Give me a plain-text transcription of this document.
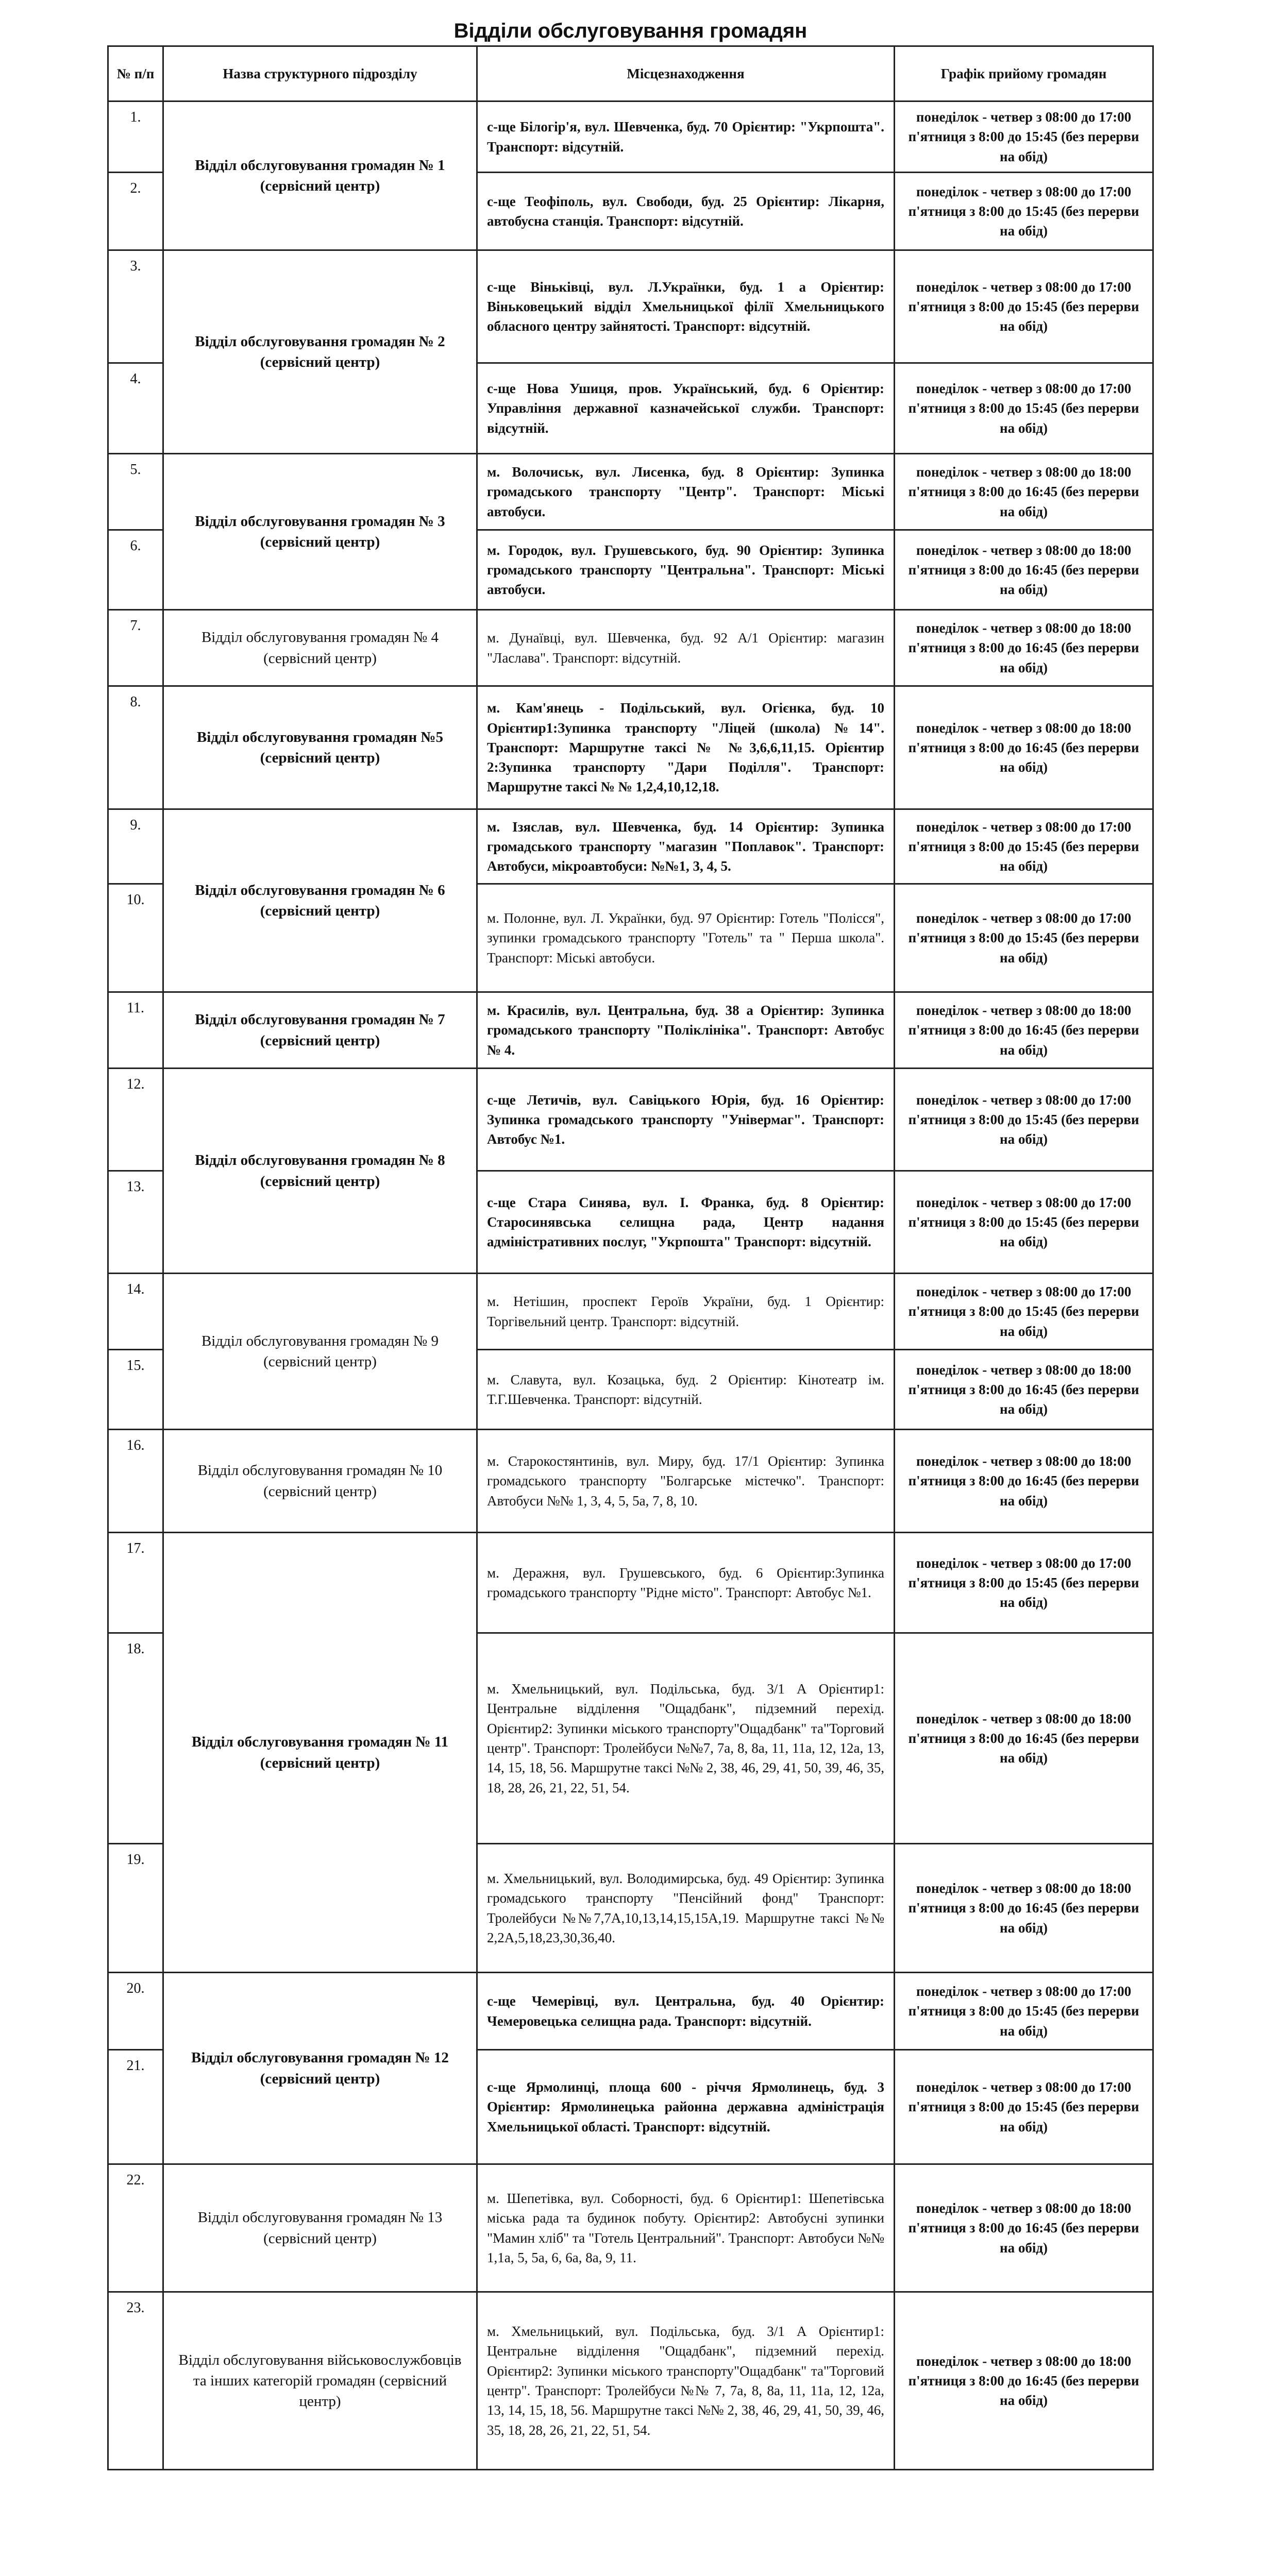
Відділи обслуговування громадян
№ п/п	Назва структурного підрозділу	Місцезнаходження	Графік прийому громадян
1.	Відділ обслуговування громадян № 1 (сервісний центр)	с-ще Білогір'я, вул. Шевченка, буд. 70 Орієнтир: "Укрпошта". Транспорт: відсутній.	понеділок - четвер з 08:00 до 17:00 п'ятниця з 8:00 до 15:45 (без перерви на обід)
2.		с-ще Теофіполь, вул. Свободи, буд. 25 Орієнтир: Лікарня, автобусна станція. Транспорт: відсутній.	понеділок - четвер з 08:00 до 17:00 п'ятниця з 8:00 до 15:45 (без перерви на обід)
3.	Відділ обслуговування громадян № 2 (сервісний центр)	с-ще Віньківці, вул. Л.Українки, буд. 1 а Орієнтир: Віньковецький відділ Хмельницької філії Хмельницького обласного центру зайнятості. Транспорт: відсутній.	понеділок - четвер з 08:00 до 17:00 п'ятниця з 8:00 до 15:45 (без перерви на обід)
4.		с-ще Нова Ушиця, пров. Український, буд. 6 Орієнтир: Управління державної казначейської служби. Транспорт: відсутній.	понеділок - четвер з 08:00 до 17:00 п'ятниця з 8:00 до 15:45 (без перерви на обід)
5.	Відділ обслуговування громадян № 3 (сервісний центр)	м. Волочиськ, вул. Лисенка, буд. 8 Орієнтир: Зупинка громадського транспорту "Центр". Транспорт: Міські автобуси.	понеділок - четвер з 08:00 до 18:00 п'ятниця з 8:00 до 16:45 (без перерви на обід)
6.		м. Городок, вул. Грушевського, буд. 90 Орієнтир: Зупинка громадського транспорту "Центральна". Транспорт: Міські автобуси.	понеділок - четвер з 08:00 до 18:00 п'ятниця з 8:00 до 16:45 (без перерви на обід)
7.	Відділ обслуговування громадян № 4 (сервісний центр)	м. Дунаївці, вул. Шевченка, буд. 92 А/1 Орієнтир: магазин "Ласлава". Транспорт: відсутній.	понеділок - четвер з 08:00 до 18:00 п'ятниця з 8:00 до 16:45 (без перерви на обід)
8.	Відділ обслуговування громадян №5 (сервісний центр)	м. Кам'янець - Подільський, вул. Огієнка, буд. 10 Орієнтир1:Зупинка транспорту "Ліцей (школа) №14". Транспорт: Маршрутне таксі № №3,6,6,11,15. Орієнтир 2:Зупинка транспорту "Дари Поділля". Транспорт: Маршрутне таксі № № 1,2,4,10,12,18.	понеділок - четвер з 08:00 до 18:00 п'ятниця з 8:00 до 16:45 (без перерви на обід)
9.	Відділ обслуговування громадян № 6 (сервісний центр)	м. Ізяслав, вул. Шевченка, буд. 14 Орієнтир: Зупинка громадського транспорту "магазин "Поплавок". Транспорт: Автобуси, мікроавтобуси: №№1, 3, 4, 5.	понеділок - четвер з 08:00 до 17:00 п'ятниця з 8:00 до 15:45 (без перерви на обід)
10.		м. Полонне, вул. Л. Українки, буд. 97 Орієнтир: Готель "Полісся", зупинки громадського транспорту "Готель" та " Перша школа". Транспорт: Міські автобуси.	понеділок - четвер з 08:00 до 17:00 п'ятниця з 8:00 до 15:45 (без перерви на обід)
11.	Відділ обслуговування громадян № 7 (сервісний центр)	м. Красилів, вул. Центральна, буд. 38 а Орієнтир: Зупинка громадського транспорту "Поліклініка". Транспорт: Автобус № 4.	понеділок - четвер з 08:00 до 18:00 п'ятниця з 8:00 до 16:45 (без перерви на обід)
12.	Відділ обслуговування громадян № 8 (сервісний центр)	с-ще Летичів, вул. Савіцького Юрія, буд. 16 Орієнтир: Зупинка громадського транспорту "Універмаг". Транспорт: Автобус №1.	понеділок - четвер з 08:00 до 17:00 п'ятниця з 8:00 до 15:45 (без перерви на обід)
13.		с-ще Стара Синява, вул. І. Франка, буд. 8 Орієнтир: Старосинявська селищна рада, Центр надання адміністративних послуг, "Укрпошта" Транспорт: відсутній.	понеділок - четвер з 08:00 до 17:00 п'ятниця з 8:00 до 15:45 (без перерви на обід)
14.	Відділ обслуговування громадян № 9 (сервісний центр)	м. Нетішин, проспект Героїв України, буд. 1 Орієнтир: Торгівельний центр. Транспорт: відсутній.	понеділок - четвер з 08:00 до 17:00 п'ятниця з 8:00 до 15:45 (без перерви на обід)
15.		м. Славута, вул. Козацька, буд. 2 Орієнтир: Кінотеатр ім. Т.Г.Шевченка. Транспорт: відсутній.	понеділок - четвер з 08:00 до 18:00 п'ятниця з 8:00 до 16:45 (без перерви на обід)
16.	Відділ обслуговування громадян № 10 (сервісний центр)	м. Старокостянтинів, вул. Миру, буд. 17/1 Орієнтир: Зупинка громадського транспорту "Болгарське містечко". Транспорт: Автобуси №№ 1, 3, 4, 5, 5а, 7, 8, 10.	понеділок - четвер з 08:00 до 18:00 п'ятниця з 8:00 до 16:45 (без перерви на обід)
17.	Відділ обслуговування громадян № 11 (сервісний центр)	м. Деражня, вул. Грушевського, буд. 6 Орієнтир:Зупинка громадського транспорту "Рідне місто". Транспорт: Автобус №1.	понеділок - четвер з 08:00 до 17:00 п'ятниця з 8:00 до 15:45 (без перерви на обід)
18.		м. Хмельницький, вул. Подільська, буд. 3/1 А Орієнтир1: Центральне відділення "Ощадбанк", підземний перехід. Орієнтир2: Зупинки міського транспорту"Ощадбанк" та"Торговий центр". Транспорт: Тролейбуси №№7, 7а, 8, 8а, 11, 11а, 12, 12а, 13, 14, 15, 18, 56. Маршрутне таксі №№ 2, 38, 46, 29, 41, 50, 39, 46, 35, 18, 28, 26, 21, 22, 51, 54.	понеділок - четвер з 08:00 до 18:00 п'ятниця з 8:00 до 16:45 (без перерви на обід)
19.		м. Хмельницький, вул. Володимирська, буд. 49 Орієнтир: Зупинка громадського транспорту "Пенсійний фонд" Транспорт: Тролейбуси №№7,7А,10,13,14,15,15А,19. Маршрутне таксі №№ 2,2А,5,18,23,30,36,40.	понеділок - четвер з 08:00 до 18:00 п'ятниця з 8:00 до 16:45 (без перерви на обід)
20.	Відділ обслуговування громадян № 12 (сервісний центр)	с-ще Чемерівці, вул. Центральна, буд. 40 Орієнтир: Чемеровецька селищна рада. Транспорт: відсутній.	понеділок - четвер з 08:00 до 17:00 п'ятниця з 8:00 до 15:45 (без перерви на обід)
21.		с-ще Ярмолинці, площа 600 - річчя Ярмолинець, буд. 3 Орієнтир: Ярмолинецька районна державна адміністрація Хмельницької області. Транспорт: відсутній.	понеділок - четвер з 08:00 до 17:00 п'ятниця з 8:00 до 15:45 (без перерви на обід)
22.	Відділ обслуговування громадян № 13 (сервісний центр)	м. Шепетівка, вул. Соборності, буд. 6 Орієнтир1: Шепетівська міська рада та будинок побуту. Орієнтир2: Автобусні зупинки "Мамин хліб" та "Готель Центральний". Транспорт: Автобуси №№ 1,1а, 5, 5а, 6, 6а, 8а, 9, 11.	понеділок - четвер з 08:00 до 18:00 п'ятниця з 8:00 до 16:45 (без перерви на обід)
23.	Відділ обслуговування військовослужбовців та інших категорій громадян (сервісний центр)	м. Хмельницький, вул. Подільська, буд. 3/1 А Орієнтир1: Центральне відділення "Ощадбанк", підземний перехід. Орієнтир2: Зупинки міського транспорту"Ощадбанк" та"Торговий центр". Транспорт: Тролейбуси №№ 7, 7а, 8, 8а, 11, 11а, 12, 12а, 13, 14, 15, 18, 56. Маршрутне таксі №№ 2, 38, 46, 29, 41, 50, 39, 46, 35, 18, 28, 26, 21, 22, 51, 54.	понеділок - четвер з 08:00 до 18:00 п'ятниця з 8:00 до 16:45 (без перерви на обід)
